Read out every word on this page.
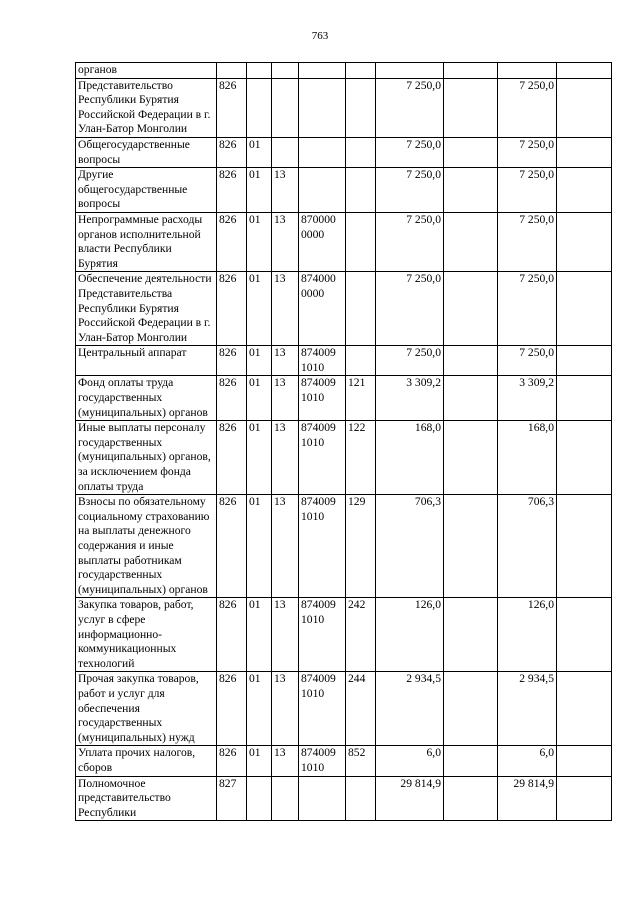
763
органов									
Представительство Республики Бурятия Российской Федерации в г. Улан-Батор Монголии	826					7 250,0		7 250,0	
Общегосударственные вопросы	826	01				7 250,0		7 250,0	
Другие общегосударственные вопросы	826	01	13			7 250,0		7 250,0	
Непрограммные расходы органов исполнительной власти Республики Бурятия	826	01	13	870000 0000		7 250,0		7 250,0	
Обеспечение деятельности Представительства Республики Бурятия Российской Федерации в г. Улан-Батор Монголии	826	01	13	874000 0000		7 250,0		7 250,0	
Центральный аппарат	826	01	13	874009 1010		7 250,0		7 250,0	
Фонд оплаты труда государственных (муниципальных) органов	826	01	13	874009 1010	121	3 309,2		3 309,2	
Иные выплаты персоналу государственных (муниципальных) органов, за исключением фонда оплаты труда	826	01	13	874009 1010	122	168,0		168,0	
Взносы по обязательному социальному страхованию на выплаты денежного содержания и иные выплаты работникам государственных (муниципальных) органов	826	01	13	874009 1010	129	706,3		706,3	
Закупка товаров, работ, услуг в сфере информационно-коммуникационных технологий	826	01	13	874009 1010	242	126,0		126,0	
Прочая закупка товаров, работ и услуг для обеспечения государственных (муниципальных) нужд	826	01	13	874009 1010	244	2 934,5		2 934,5	
Уплата прочих налогов, сборов	826	01	13	874009 1010	852	6,0		6,0	
Полномочное представительство Республики	827					29 814,9		29 814,9	
